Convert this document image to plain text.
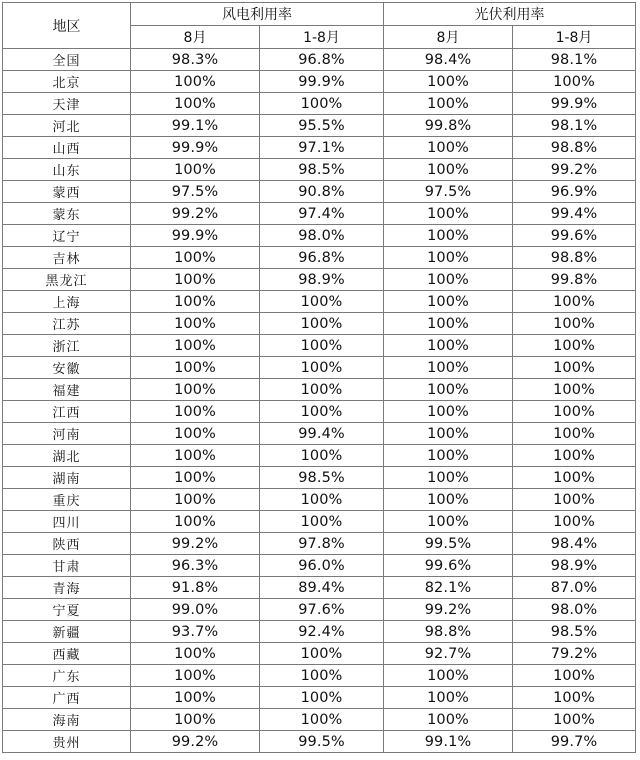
地区	风电利用率		光伏利用率	
	8月	1-8月	8月	1-8月
全国	98.3%	96.8%	98.4%	98.1%
北京	100%	99.9%	100%	100%
天津	100%	100%	100%	99.9%
河北	99.1%	95.5%	99.8%	98.1%
山西	99.9%	97.1%	100%	98.8%
山东	100%	98.5%	100%	99.2%
蒙西	97.5%	90.8%	97.5%	96.9%
蒙东	99.2%	97.4%	100%	99.4%
辽宁	99.9%	98.0%	100%	99.6%
吉林	100%	96.8%	100%	98.8%
黑龙江	100%	98.9%	100%	99.8%
上海	100%	100%	100%	100%
江苏	100%	100%	100%	100%
浙江	100%	100%	100%	100%
安徽	100%	100%	100%	100%
福建	100%	100%	100%	100%
江西	100%	100%	100%	100%
河南	100%	99.4%	100%	100%
湖北	100%	100%	100%	100%
湖南	100%	98.5%	100%	100%
重庆	100%	100%	100%	100%
四川	100%	100%	100%	100%
陕西	99.2%	97.8%	99.5%	98.4%
甘肃	96.3%	96.0%	99.6%	98.9%
青海	91.8%	89.4%	82.1%	87.0%
宁夏	99.0%	97.6%	99.2%	98.0%
新疆	93.7%	92.4%	98.8%	98.5%
西藏	100%	100%	92.7%	79.2%
广东	100%	100%	100%	100%
广西	100%	100%	100%	100%
海南	100%	100%	100%	100%
贵州	99.2%	99.5%	99.1%	99.7%
